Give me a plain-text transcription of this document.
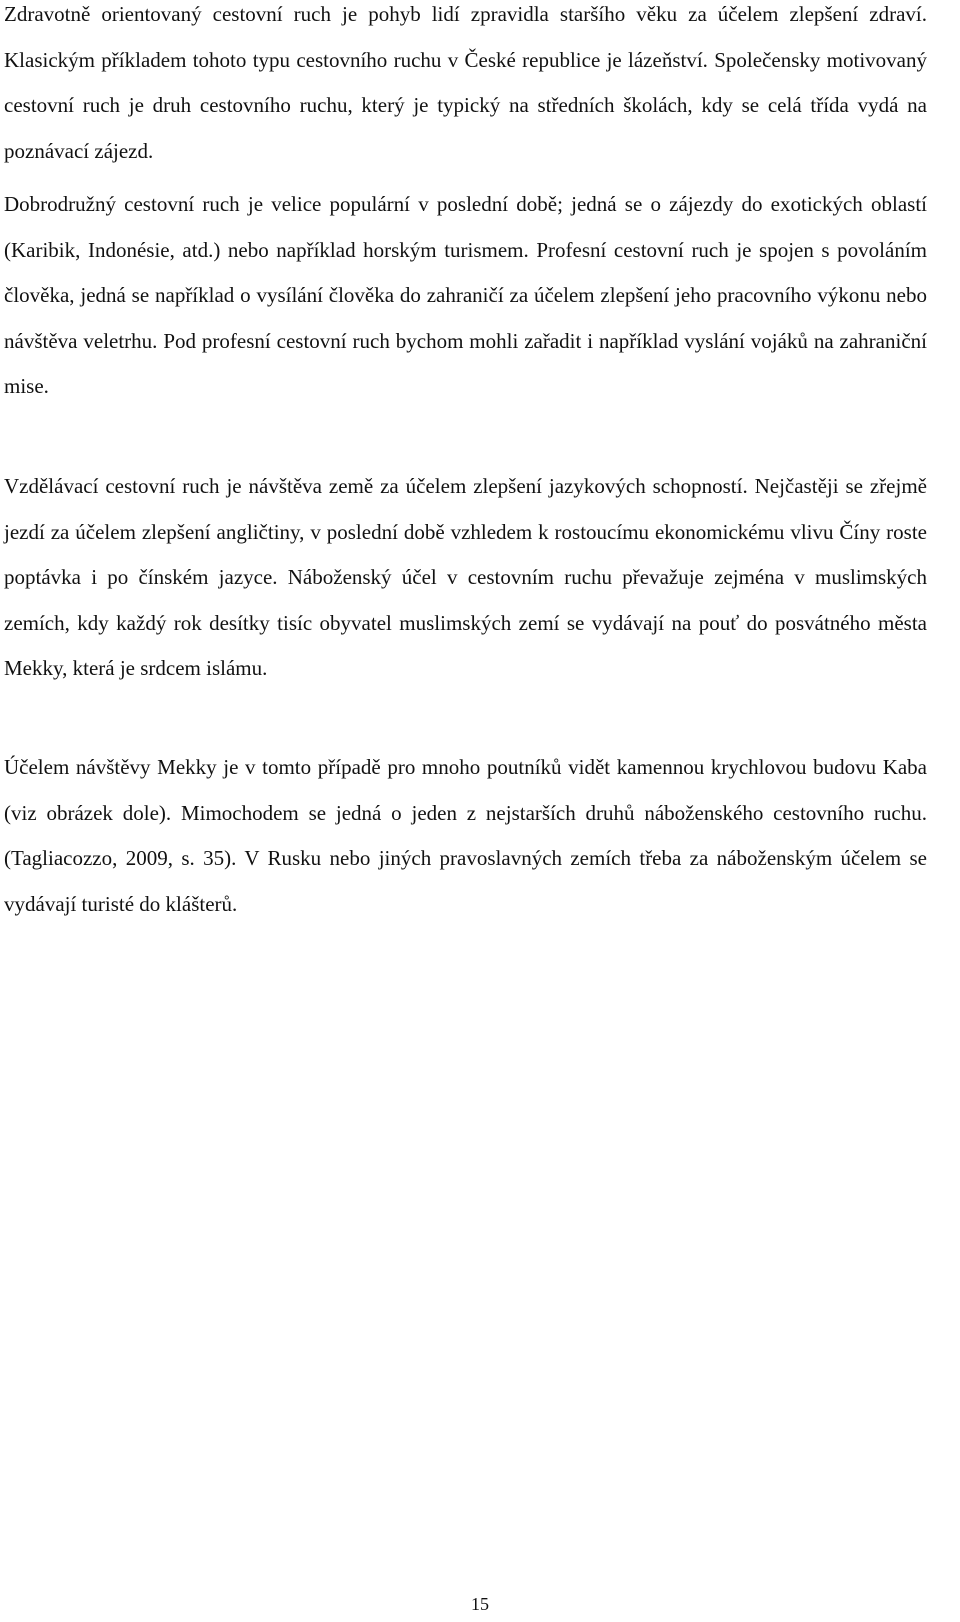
Zdravotně orientovaný cestovní ruch je pohyb lidí zpravidla staršího věku za účelem zlepšení zdraví. Klasickým příkladem tohoto typu cestovního ruchu v České republice je lázeňství. Společensky motivovaný cestovní ruch je druh cestovního ruchu, který je typický na středních školách, kdy se celá třída vydá na poznávací zájezd.

Dobrodružný cestovní ruch je velice populární v poslední době; jedná se o zájezdy do exotických oblastí (Karibik, Indonésie, atd.) nebo například horským turismem. Profesní cestovní ruch je spojen s povoláním člověka, jedná se například o vysílání člověka do zahraničí za účelem zlepšení jeho pracovního výkonu nebo návštěva veletrhu. Pod profesní cestovní ruch bychom mohli zařadit i například vyslání vojáků na zahraniční mise.

Vzdělávací cestovní ruch je návštěva země za účelem zlepšení jazykových schopností. Nejčastěji se zřejmě jezdí za účelem zlepšení angličtiny, v poslední době vzhledem k rostoucímu ekonomickému vlivu Číny roste poptávka i po čínském jazyce. Náboženský účel v cestovním ruchu převažuje zejména v muslimských zemích, kdy každý rok desítky tisíc obyvatel muslimských zemí se vydávají na pouť do posvátného města Mekky, která je srdcem islámu.

Účelem návštěvy Mekky je v tomto případě pro mnoho poutníků vidět kamennou krychlovou budovu Kaba (viz obrázek dole). Mimochodem se jedná o jeden z nejstarších druhů náboženského cestovního ruchu. (Tagliacozzo, 2009, s. 35). V Rusku nebo jiných pravoslavných zemích třeba za náboženským účelem se vydávají turisté do klášterů.

15
